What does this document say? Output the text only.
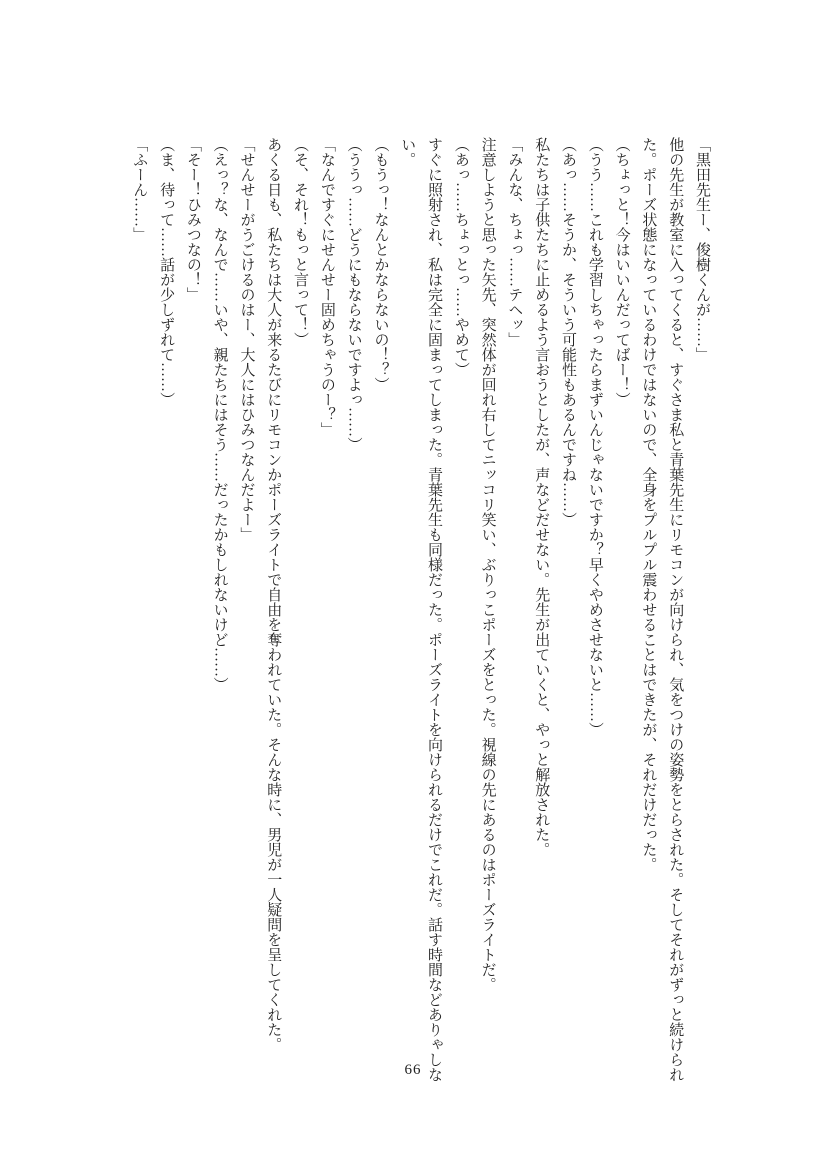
「黒田先生ー、俊樹くんが……」
他の先生が教室に入ってくると、すぐさま私と青葉先生にリモコンが向けられ、気をつけの姿勢をとらされた。そしてそれがずっと続けられ
た。ポーズ状態になっているわけではないので、全身をプルプル震わせることはできたが、それだけだった。
（ちょっと！今はいいんだってばー！）
（うう……これも学習しちゃったらまずいんじゃないですか？早くやめさせないと……）
（あっ……そうか、そういう可能性もあるんですね……）
私たちは子供たちに止めるよう言おうとしたが、声などだせない。先生が出ていくと、やっと解放された。
「みんな、ちょっ……テヘッ」
注意しようと思った矢先、突然体が回れ右してニッコリ笑い、ぶりっこポーズをとった。視線の先にあるのはポーズライトだ。
（あっ……ちょっとっ……やめて）
すぐに照射され、私は完全に固まってしまった。青葉先生も同様だった。ポーズライトを向けられるだけでこれだ。話す時間などありゃしな
い。
（もうっ！なんとかならないの！？）
（ううっ……どうにもならないですよっ……）
「なんですぐにせんせー固めちゃうのー？」
（そ、それ！もっと言って！）
あくる日も、私たちは大人が来るたびにリモコンかポーズライトで自由を奪われていた。そんな時に、男児が一人疑問を呈してくれた。
「せんせーがうごけるのはー、大人にはひみつなんだよー」
（えっ？な、なんで……いや、親たちにはそう……だったかもしれないけど……）
「そー！ひみつなの！」
（ま、待って……話が少しずれて……）
「ふーん……」
66
